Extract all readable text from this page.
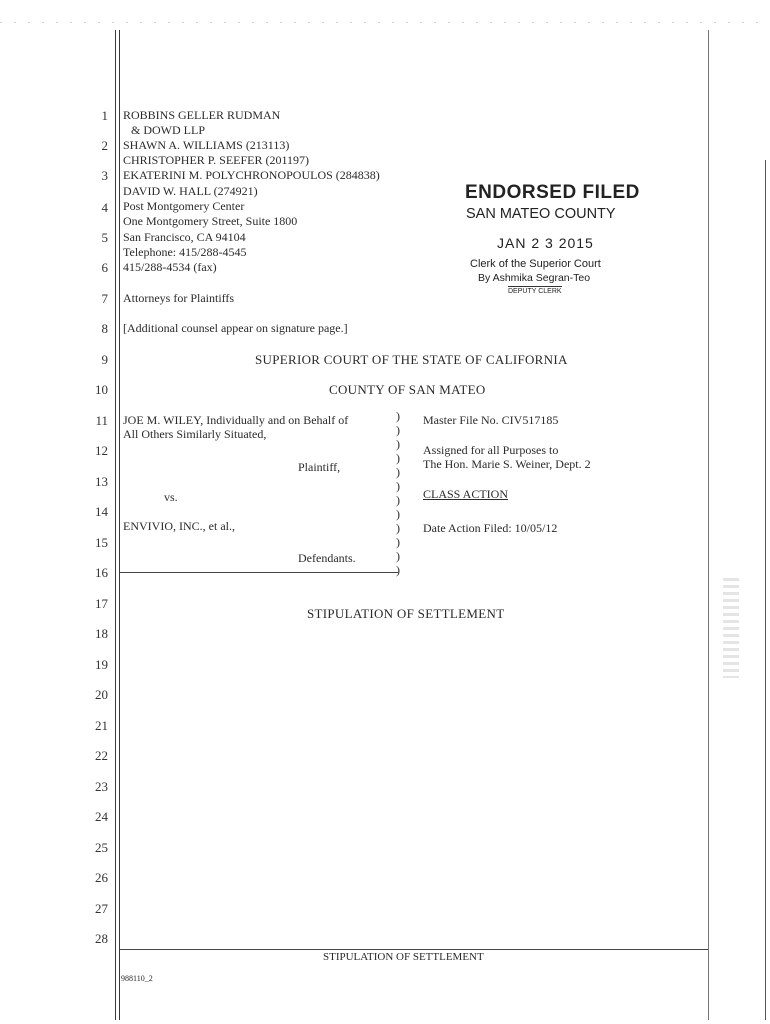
1
2
3
4
5
6
7
8
9
10
11
12
13
14
15
16
17
18
19
20
21
22
23
24
25
26
27
28
ROBBINS GELLER RUDMAN
& DOWD LLP
SHAWN A. WILLIAMS (213113)
CHRISTOPHER P. SEEFER (201197)
EKATERINI M. POLYCHRONOPOULOS (284838)
DAVID W. HALL (274921)
Post Montgomery Center
One Montgomery Street, Suite 1800
San Francisco, CA 94104
Telephone: 415/288-4545
415/288-4534 (fax)
Attorneys for Plaintiffs
[Additional counsel appear on signature page.]
ENDORSED FILED
SAN MATEO COUNTY
JAN 2 3 2015
Clerk of the Superior Court
By Ashmika Segran-Teo
DEPUTY CLERK
SUPERIOR COURT OF THE STATE OF CALIFORNIA
COUNTY OF SAN MATEO
JOE M. WILEY, Individually and on Behalf of
All Others Similarly Situated,
Plaintiff,
vs.
ENVIVIO, INC., et al.,
Defendants.
)
)
)
)
)
)
)
)
)
)
)
)
Master File No. CIV517185
Assigned for all Purposes to
The Hon. Marie S. Weiner, Dept. 2
CLASS ACTION
Date Action Filed: 10/05/12
STIPULATION OF SETTLEMENT
STIPULATION OF SETTLEMENT
988110_2
